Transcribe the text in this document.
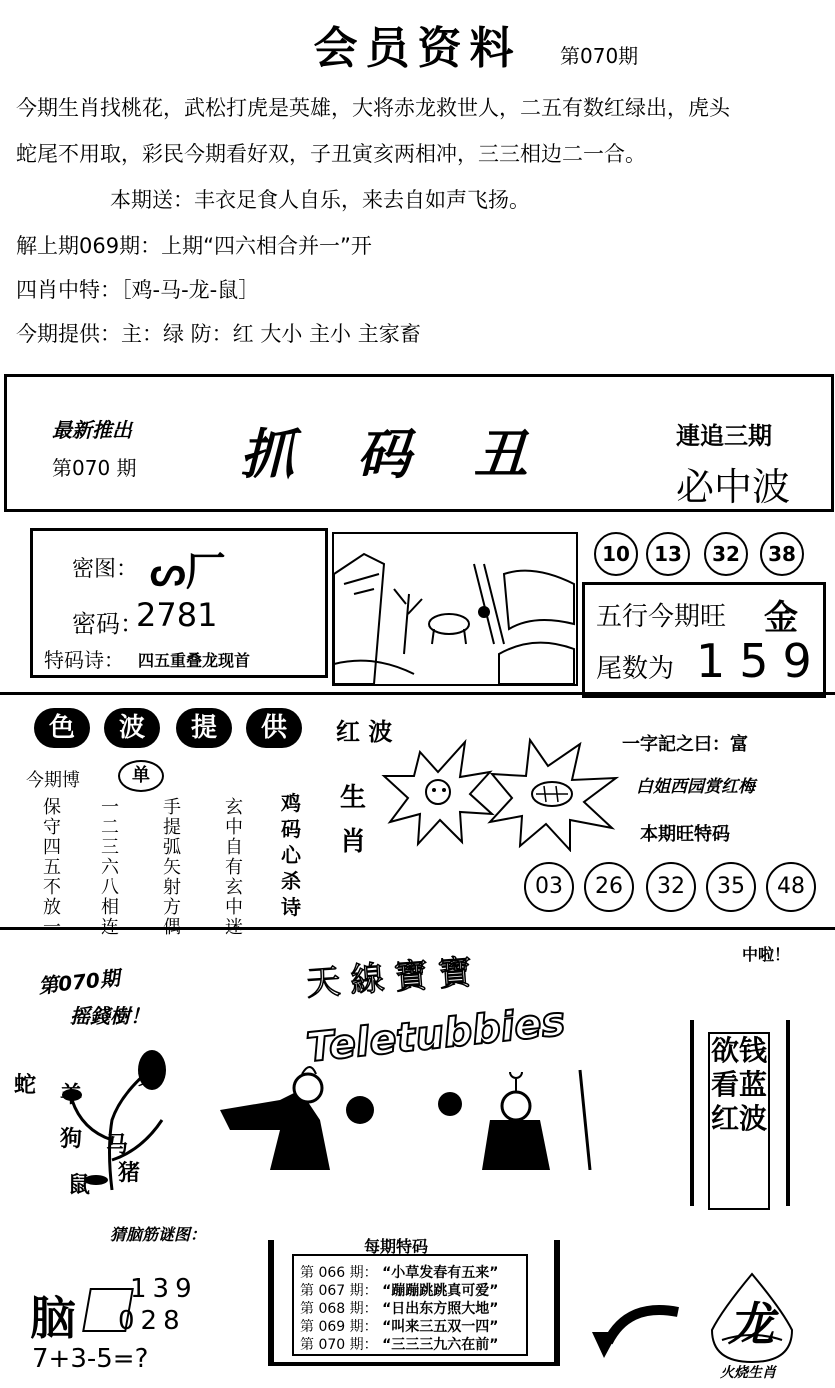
会员资料	第070期
今期生肖找桃花，武松打虎是英雄，大将赤龙救世人，二五有数红绿出，虎头
蛇尾不用取，彩民今期看好双，子丑寅亥两相冲，三三相边二一合。
本期送：丰衣足食人自乐，来去自如声飞扬。
解上期069期：上期“四六相合并一”开
四肖中特：［鸡-马-龙-鼠］
今期提供：主：绿 防：红 大小 主小 主家畜
最新推出
第070 期 抓 码 丑	連追三期
必中波
密图： ᔕ厂
密码：
2781
特码诗： 四五重叠龙现首
10	13	32	38
五行今期旺 金
尾数为 159
色	波	提	供	红 波
今期博	单
保守四五不放一
一二三六八相连
手提弧矢射方偶
玄中自有玄中迷
鸡码心杀诗
生肖
一字記之曰：富
白姐西园赏红梅
本期旺特码
03	26	32	35	48
第070期
摇錢樹！
蛇 羊
兔
狗 马
鼠 猪
天線寶寶
Teletubbies
中啦！
欲钱看蓝红波
猜脑筋谜图：
脑
139
028
7+3-5=?
每期特码
第 066 期： “小草发春有五来”
第 067 期： “蹦蹦跳跳真可爱”
第 068 期： “日出东方照大地”
第 069 期： “叫来三五双一四”
第 070 期： “三三三九六在前”	龙
火烧生肖
